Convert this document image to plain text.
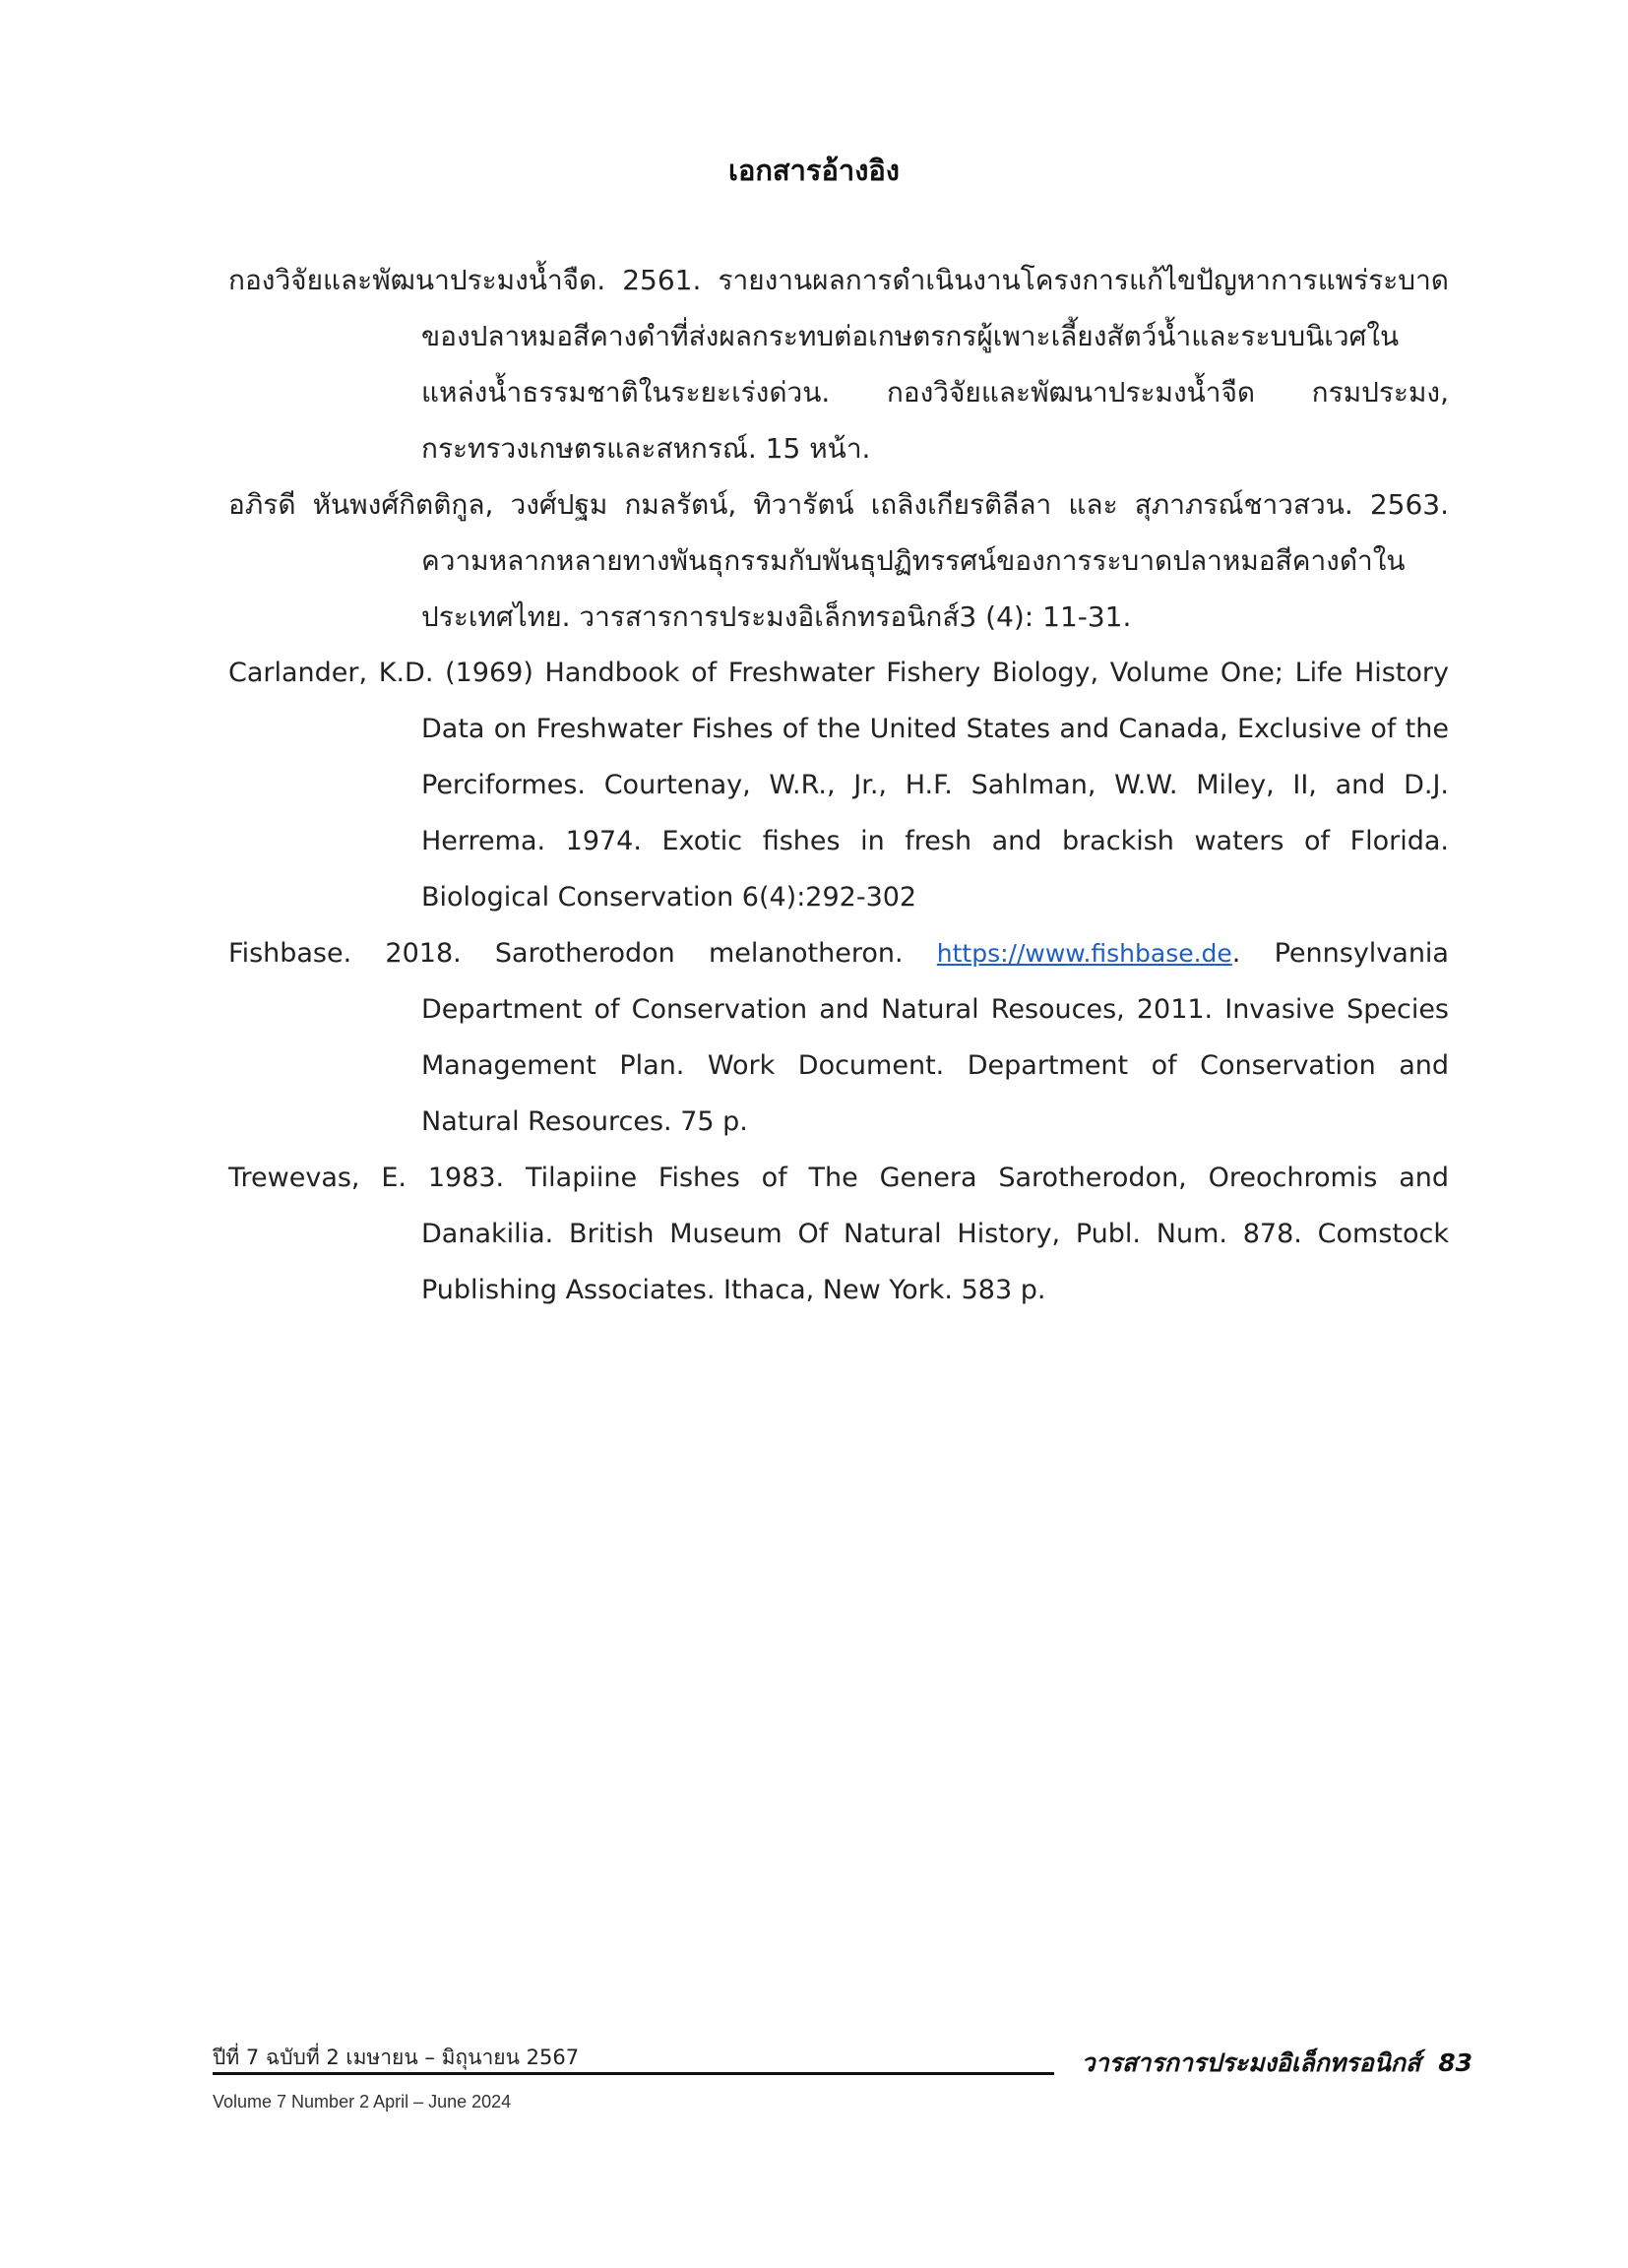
เอกสารอ้างอิง

กองวิจัยและพัฒนาประมงน้ำจืด. 2561. รายงานผลการดำเนินงานโครงการแก้ไขปัญหาการแพร่ระบาดของปลาหมอสีคางดำที่ส่งผลกระทบต่อเกษตรกรผู้เพาะเลี้ยงสัตว์น้ำและระบบนิเวศในแหล่งน้ำธรรมชาติในระยะเร่งด่วน. กองวิจัยและพัฒนาประมงน้ำจืด กรมประมง, กระทรวงเกษตรและสหกรณ์. 15 หน้า.

อภิรดี หันพงศ์กิตติกูล, วงศ์ปฐม กมลรัตน์, ทิวารัตน์ เถลิงเกียรติลีลา และ สุภาภรณ์ชาวสวน. 2563. ความหลากหลายทางพันธุกรรมกับพันธุปฏิทรรศน์ของการระบาดปลาหมอสีคางดำในประเทศไทย. วารสารการประมงอิเล็กทรอนิกส์3 (4): 11-31.

Carlander, K.D. (1969) Handbook of Freshwater Fishery Biology, Volume One; Life History Data on Freshwater Fishes of the United States and Canada, Exclusive of the Perciformes. Courtenay, W.R., Jr., H.F. Sahlman, W.W. Miley, II, and D.J. Herrema. 1974. Exotic fishes in fresh and brackish waters of Florida. Biological Conservation 6(4):292-302

Fishbase. 2018. Sarotherodon melanotheron. https://www.fishbase.de. Pennsylvania Department of Conservation and Natural Resouces, 2011. Invasive Species Management Plan. Work Document. Department of Conservation and Natural Resources. 75 p.

Trewevas, E. 1983. Tilapiine Fishes of The Genera Sarotherodon, Oreochromis and Danakilia. British Museum Of Natural History, Publ. Num. 878. Comstock Publishing Associates. Ithaca, New York. 583 p.

ปีที่ 7 ฉบับที่ 2 เมษายน – มิถุนายน 2567	วารสารการประมงอิเล็กทรอนิกส์ 83
Volume 7 Number 2 April – June 2024
